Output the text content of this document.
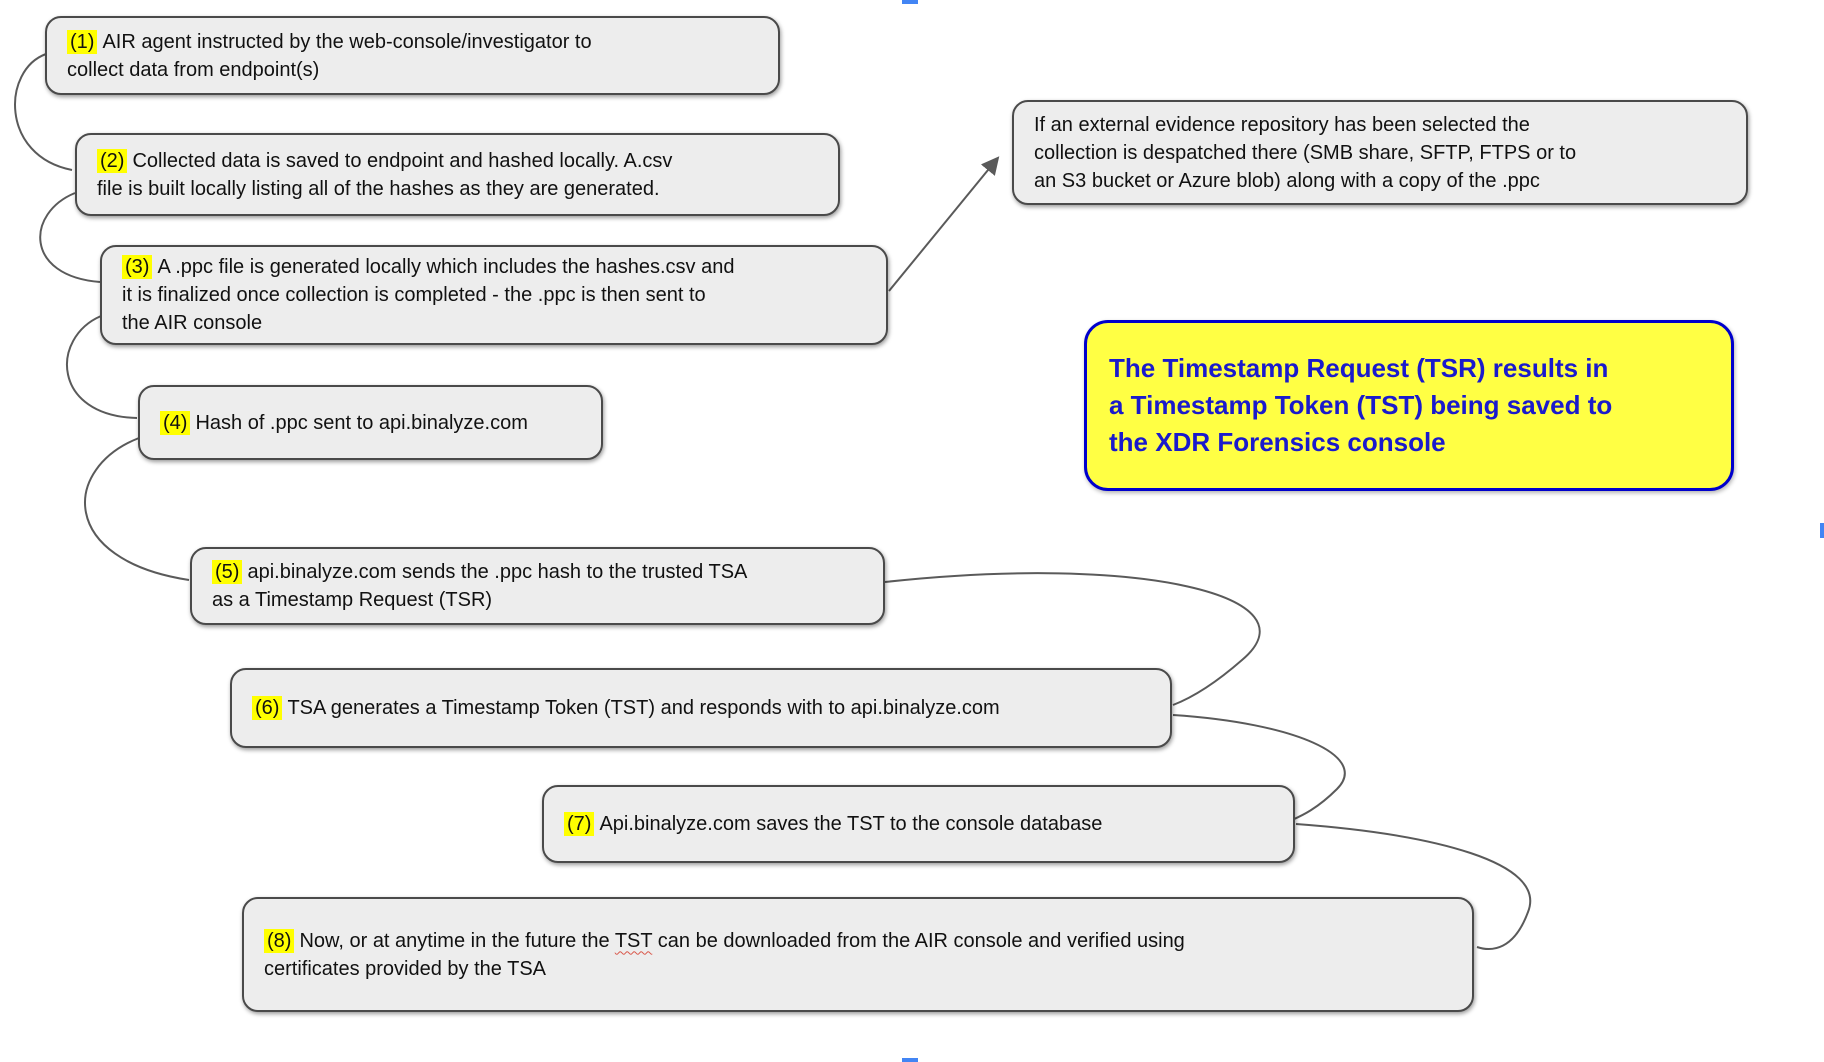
(1) AIR agent instructed by the web-console/investigator to
collect data from endpoint(s)
(2) Collected data is saved to endpoint and hashed locally. A.csv
file is built locally listing all of the hashes as they are generated.
(3) A .ppc file is generated locally which includes the hashes.csv and
it is finalized once collection is completed - the .ppc is then sent to
the AIR console
(4) Hash of .ppc sent to api.binalyze.com
(5) api.binalyze.com sends the .ppc hash to the trusted TSA
as a Timestamp Request (TSR)
(6) TSA generates a Timestamp Token (TST) and responds with to api.binalyze.com
(7) Api.binalyze.com saves the TST to the console database
(8) Now, or at anytime in the future the TST can be downloaded from the AIR console and verified using
certificates provided by the TSA
If an external evidence repository has been selected the
collection is despatched there (SMB share, SFTP, FTPS or to
an S3 bucket or Azure blob) along with a copy of the .ppc
The Timestamp Request (TSR) results in
a Timestamp Token (TST) being saved to
the XDR Forensics console
